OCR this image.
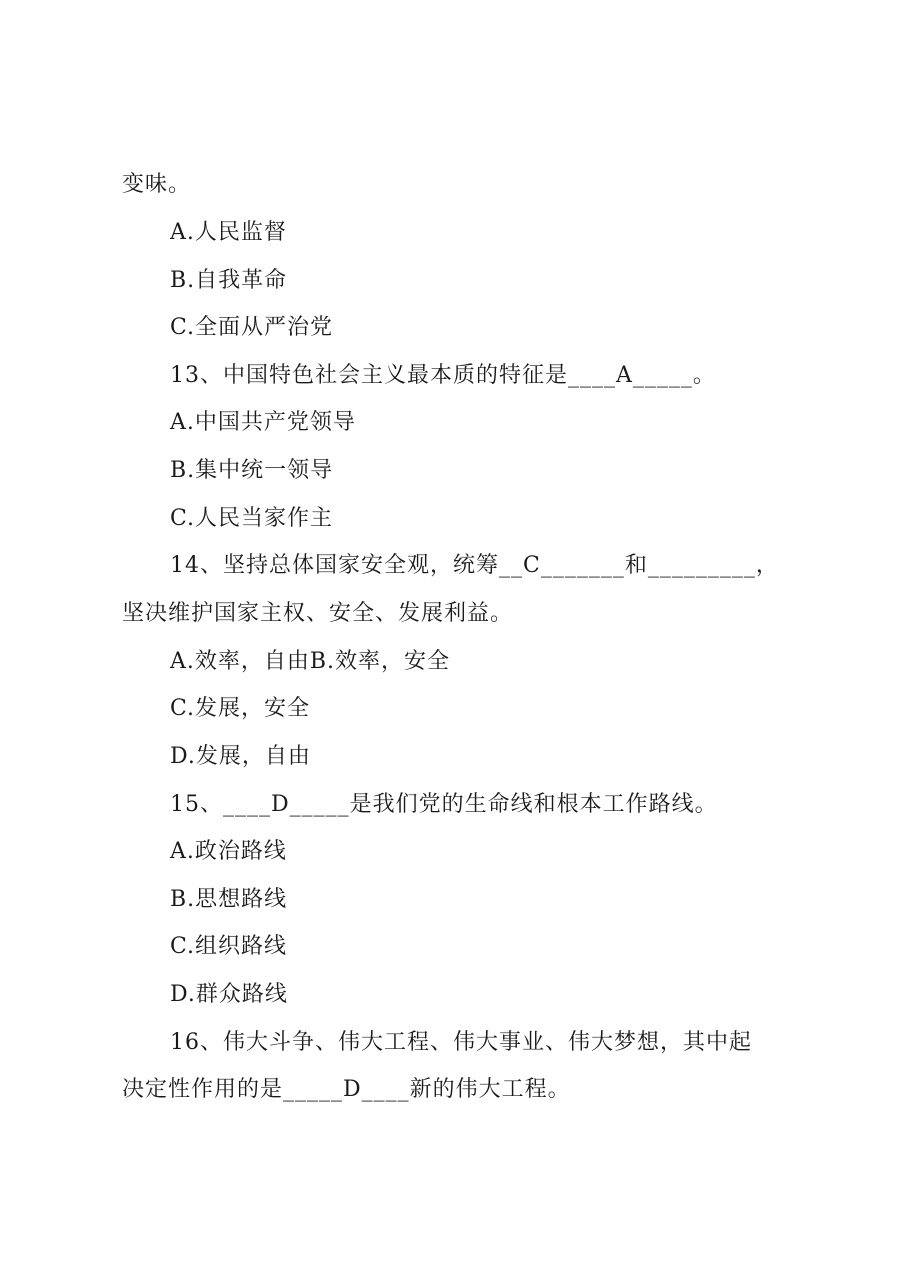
变味。
A.人民监督
B.自我革命
C.全面从严治党
13、中国特色社会主义最本质的特征是____A_____。
A.中国共产党领导
B.集中统一领导
C.人民当家作主
14、坚持总体国家安全观，统筹__C_______和_________，
坚决维护国家主权、安全、发展利益。
A.效率，自由B.效率，安全
C.发展，安全
D.发展，自由
15、____D_____是我们党的生命线和根本工作路线。
A.政治路线
B.思想路线
C.组织路线
D.群众路线
16、伟大斗争、伟大工程、伟大事业、伟大梦想，其中起
决定性作用的是_____D____新的伟大工程。
